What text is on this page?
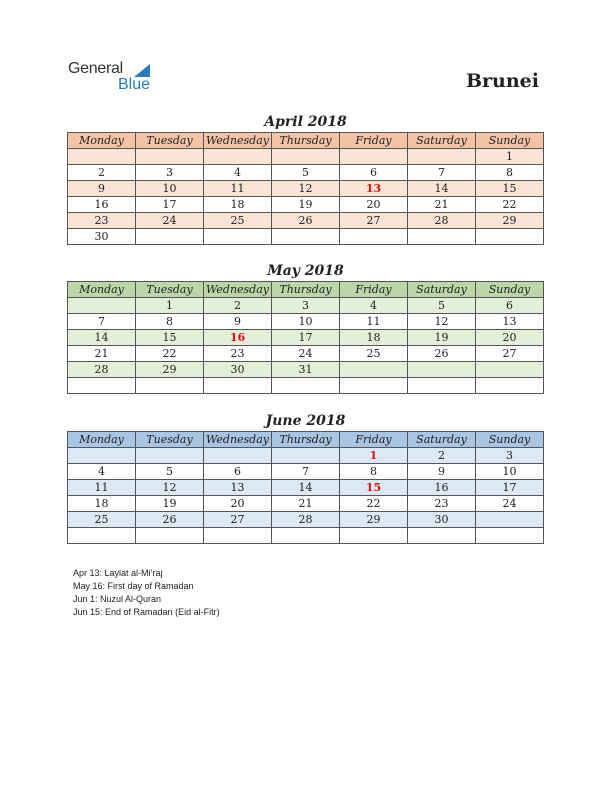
General
Blue	Brunei
April 2018
Monday	Tuesday	Wednesday	Thursday	Friday	Saturday	Sunday
						1
2	3	4	5	6	7	8
9	10	11	12	13	14	15
16	17	18	19	20	21	22
23	24	25	26	27	28	29
30						
May 2018
Monday	Tuesday	Wednesday	Thursday	Friday	Saturday	Sunday
	1	2	3	4	5	6
7	8	9	10	11	12	13
14	15	16	17	18	19	20
21	22	23	24	25	26	27
28	29	30	31			

June 2018
Monday	Tuesday	Wednesday	Thursday	Friday	Saturday	Sunday
				1	2	3
4	5	6	7	8	9	10
11	12	13	14	15	16	17
18	19	20	21	22	23	24
25	26	27	28	29	30	

Apr 13: Laylat al-Mi’raj
May 16: First day of Ramadan
Jun 1: Nuzul Al-Quran
Jun 15: End of Ramadan (Eid al-Fitr)
